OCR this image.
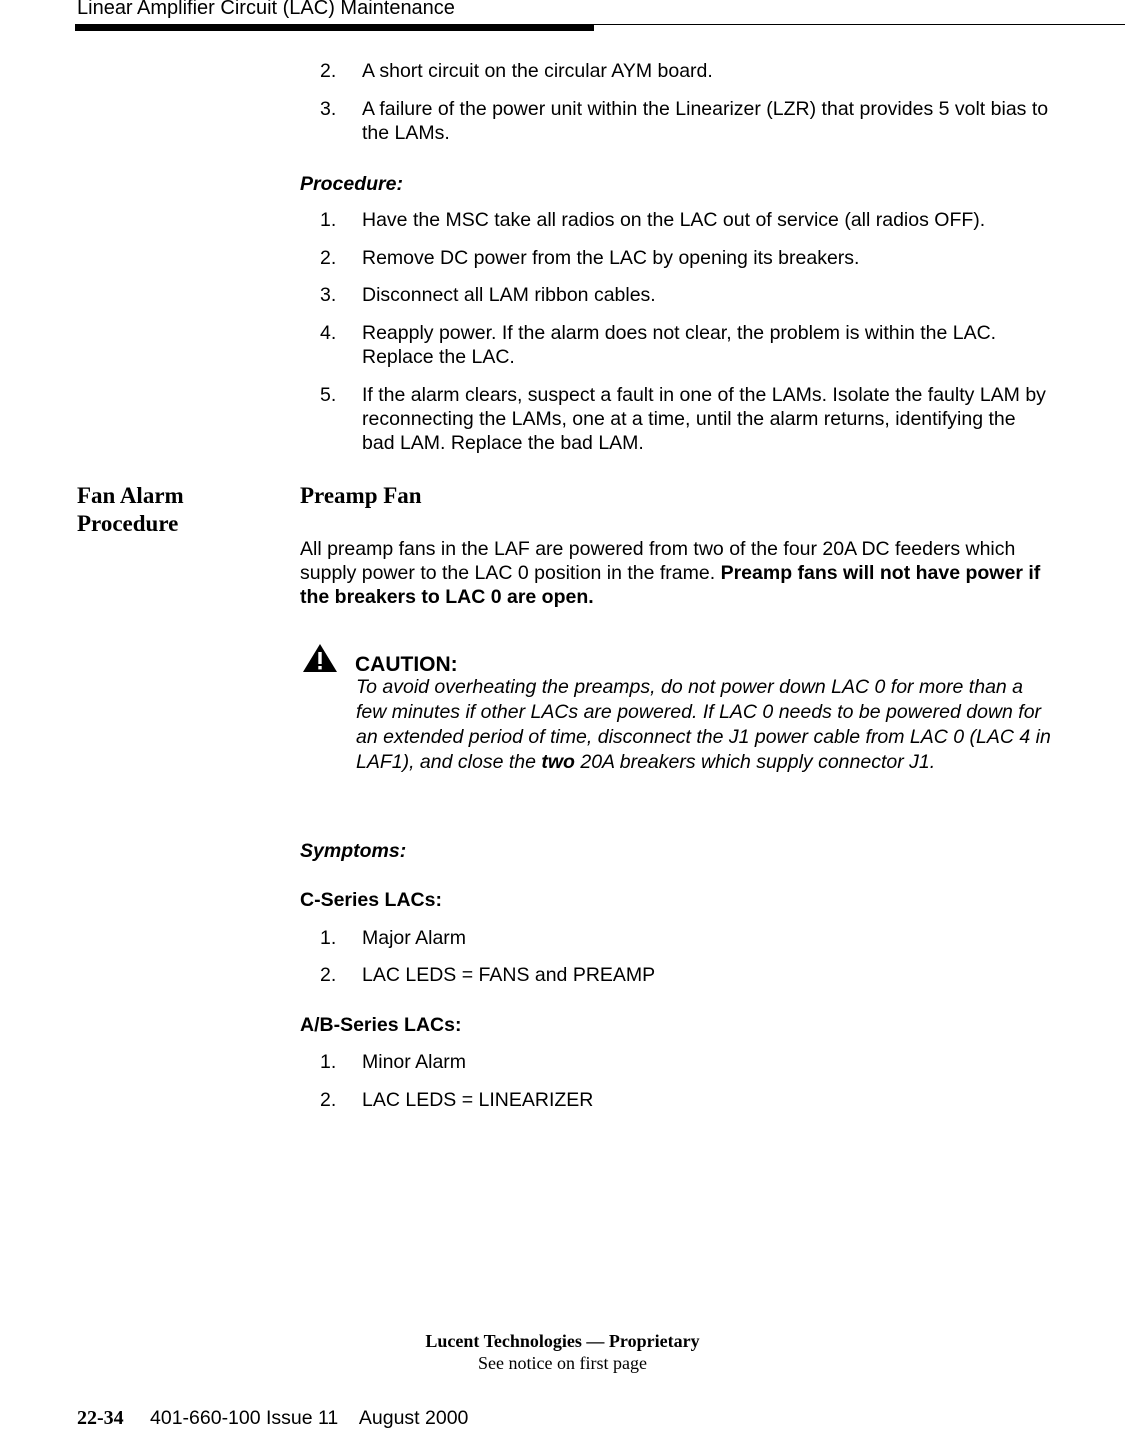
Linear Amplifier Circuit (LAC) Maintenance
2.	A short circuit on the circular AYM board.
3.	A failure of the power unit within the Linearizer (LZR) that provides 5 volt bias to the LAMs.
Procedure:
1.	Have the MSC take all radios on the LAC out of service (all radios OFF).
2.	Remove DC power from the LAC by opening its breakers.
3.	Disconnect all LAM ribbon cables.
4.	Reapply power. If the alarm does not clear, the problem is within the LAC. Replace the LAC.
5.	If the alarm clears, suspect a fault in one of the LAMs. Isolate the faulty LAM by reconnecting the LAMs, one at a time, until the alarm returns, identifying the bad LAM. Replace the bad LAM.
Fan Alarm
Procedure
Preamp Fan
All preamp fans in the LAF are powered from two of the four 20A DC feeders which supply power to the LAC 0 position in the frame. Preamp fans will not have power if the breakers to LAC 0 are open.
CAUTION:
To avoid overheating the preamps, do not power down LAC 0 for more than a few minutes if other LACs are powered. If LAC 0 needs to be powered down for an extended period of time, disconnect the J1 power cable from LAC 0 (LAC 4 in LAF1), and close the two 20A breakers which supply connector J1.
Symptoms:
C-Series LACs:
1.	Major Alarm
2.	LAC LEDS = FANS and PREAMP
A/B-Series LACs:
1.	Minor Alarm
2.	LAC LEDS = LINEARIZER
Lucent Technologies — Proprietary
See notice on first page
22-34 401-660-100 Issue 11    August 2000
